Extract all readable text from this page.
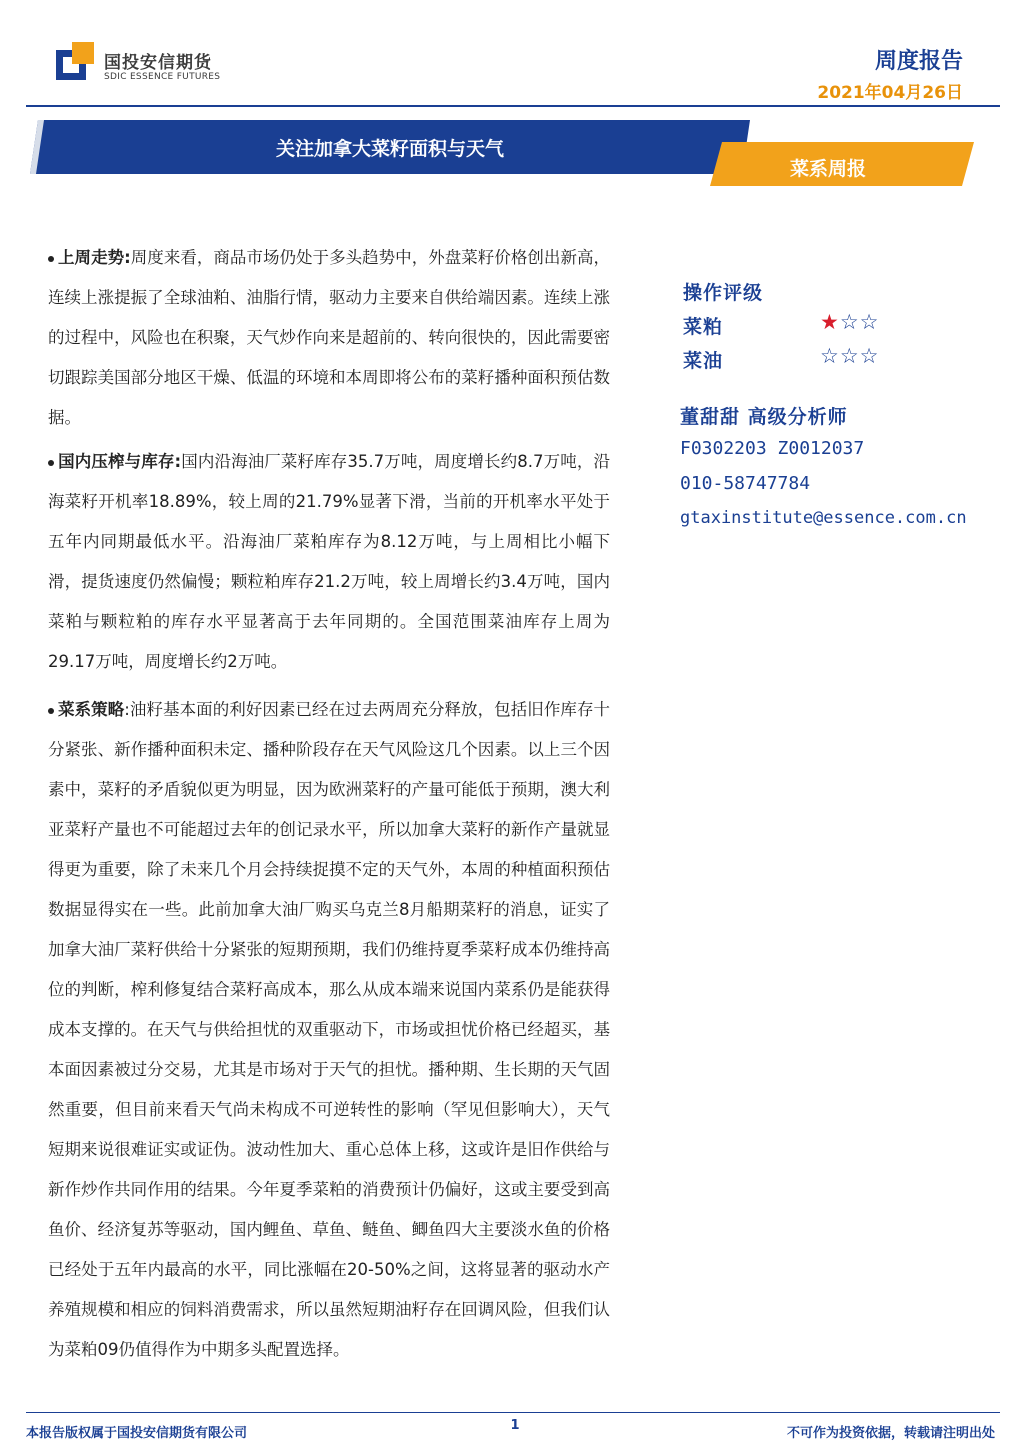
国投安信期货
SDIC ESSENCE FUTURES
周度报告
2021年04月26日
关注加拿大菜籽面积与天气
菜系周报
上周走势:周度来看，商品市场仍处于多头趋势中，外盘菜籽价格创出新高，连续上涨提振了全球油粕、油脂行情，驱动力主要来自供给端因素。连续上涨的过程中，风险也在积聚，天气炒作向来是超前的、转向很快的，因此需要密切跟踪美国部分地区干燥、低温的环境和本周即将公布的菜籽播种面积预估数据。
国内压榨与库存:国内沿海油厂菜籽库存35.7万吨，周度增长约8.7万吨，沿海菜籽开机率18.89%，较上周的21.79%显著下滑，当前的开机率水平处于五年内同期最低水平。沿海油厂菜粕库存为8.12万吨，与上周相比小幅下滑，提货速度仍然偏慢；颗粒粕库存21.2万吨，较上周增长约3.4万吨，国内菜粕与颗粒粕的库存水平显著高于去年同期的。全国范围菜油库存上周为29.17万吨，周度增长约2万吨。
菜系策略:油籽基本面的利好因素已经在过去两周充分释放，包括旧作库存十分紧张、新作播种面积未定、播种阶段存在天气风险这几个因素。以上三个因素中，菜籽的矛盾貌似更为明显，因为欧洲菜籽的产量可能低于预期，澳大利亚菜籽产量也不可能超过去年的创记录水平，所以加拿大菜籽的新作产量就显得更为重要，除了未来几个月会持续捉摸不定的天气外，本周的种植面积预估数据显得实在一些。此前加拿大油厂购买乌克兰8月船期菜籽的消息，证实了加拿大油厂菜籽供给十分紧张的短期预期，我们仍维持夏季菜籽成本仍维持高位的判断，榨利修复结合菜籽高成本，那么从成本端来说国内菜系仍是能获得成本支撑的。在天气与供给担忧的双重驱动下，市场或担忧价格已经超买，基本面因素被过分交易，尤其是市场对于天气的担忧。播种期、生长期的天气固然重要，但目前来看天气尚未构成不可逆转性的影响（罕见但影响大），天气短期来说很难证实或证伪。波动性加大、重心总体上移，这或许是旧作供给与新作炒作共同作用的结果。今年夏季菜粕的消费预计仍偏好，这或主要受到高鱼价、经济复苏等驱动，国内鲤鱼、草鱼、鲢鱼、鲫鱼四大主要淡水鱼的价格已经处于五年内最高的水平，同比涨幅在20-50%之间，这将显著的驱动水产养殖规模和相应的饲料消费需求，所以虽然短期油籽存在回调风险，但我们认为菜粕09仍值得作为中期多头配置选择。
操作评级
菜粕	★☆☆
菜油	☆☆☆
董甜甜 高级分析师
F0302203 Z0012037
010-58747784
gtaxinstitute@essence.com.cn
本报告版权属于国投安信期货有限公司
1
不可作为投资依据，转载请注明出处
